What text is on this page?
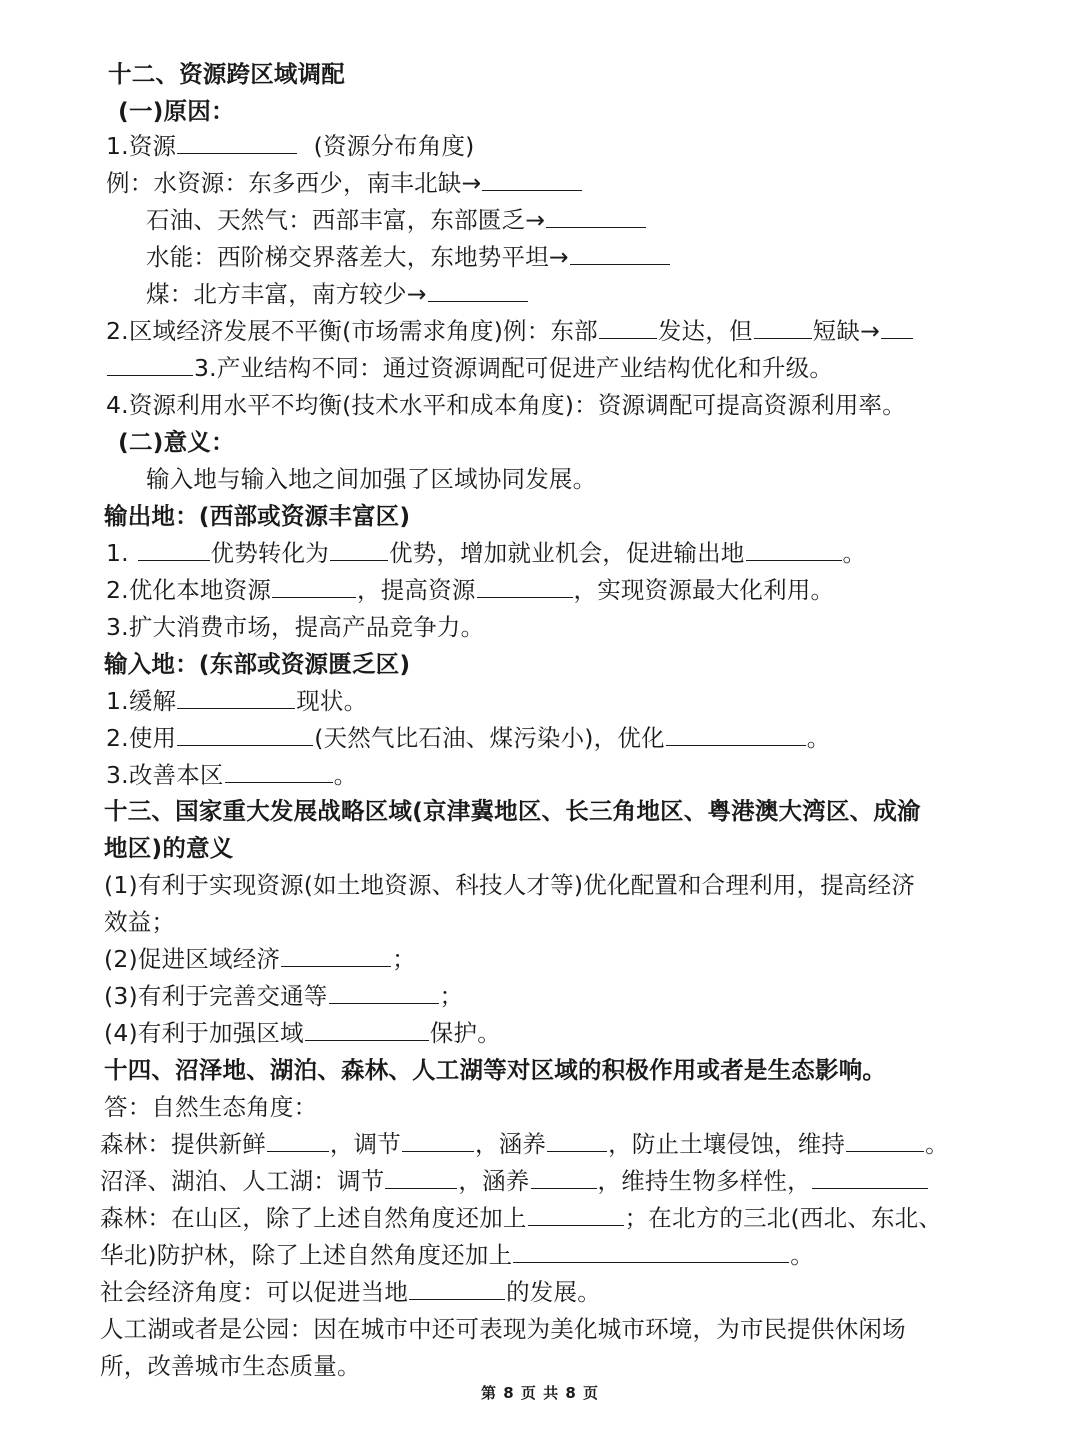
十二、资源跨区域调配
(一)原因：
1.资源	(资源分布角度)
例：水资源：东多西少，南丰北缺→
石油、天然气：西部丰富，东部匮乏→
水能：西阶梯交界落差大，东地势平坦→
煤：北方丰富，南方较少→
2.区域经济发展不平衡(市场需求角度)例：东部	发达，但	短缺→
3.产业结构不同：通过资源调配可促进产业结构优化和升级。
4.资源利用水平不均衡(技术水平和成本角度)：资源调配可提高资源利用率。
(二)意义：
输入地与输入地之间加强了区域协同发展。
输出地：(西部或资源丰富区)
1.	优势转化为	优势，增加就业机会，促进输出地	。
2.优化本地资源	，提高资源	，实现资源最大化利用。
3.扩大消费市场，提高产品竞争力。
输入地：(东部或资源匮乏区)
1.缓解	现状。
2.使用	(天然气比石油、煤污染小)，优化	。
3.改善本区	。
十三、国家重大发展战略区域(京津冀地区、长三角地区、粤港澳大湾区、成渝
地区)的意义
(1)有利于实现资源(如土地资源、科技人才等)优化配置和合理利用，提高经济
效益；
(2)促进区域经济	；
(3)有利于完善交通等	；
(4)有利于加强区域	保护。
十四、沼泽地、湖泊、森林、人工湖等对区域的积极作用或者是生态影响。
答：自然生态角度：
森林：提供新鲜	，调节	，涵养	，防止土壤侵蚀，维持	。
沼泽、湖泊、人工湖：调节	，涵养	，维持生物多样性，
森林：在山区，除了上述自然角度还加上	；在北方的三北(西北、东北、
华北)防护林，除了上述自然角度还加上	。
社会经济角度：可以促进当地	的发展。
人工湖或者是公园：因在城市中还可表现为美化城市环境，为市民提供休闲场
所，改善城市生态质量。
第 8 页 共 8 页
